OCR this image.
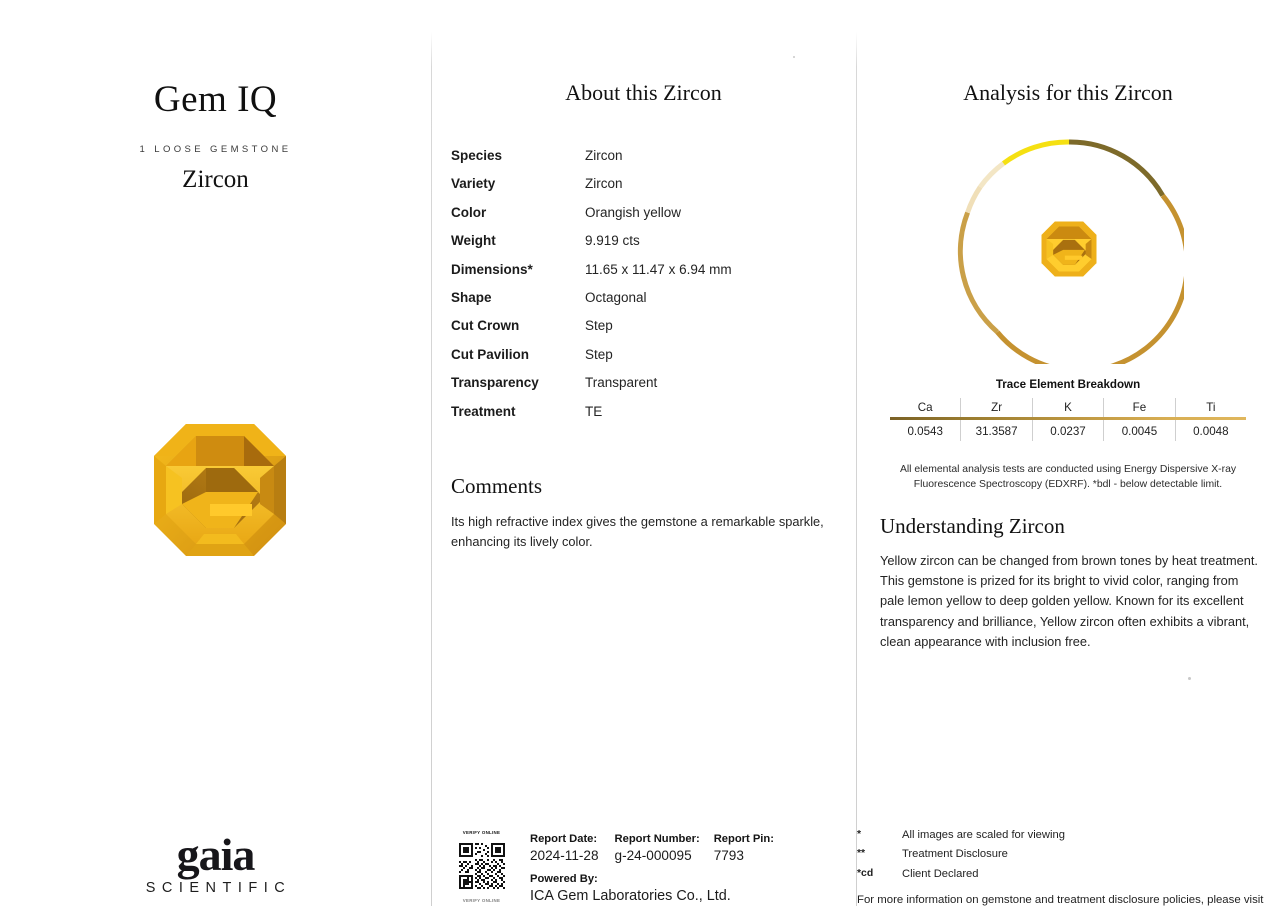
Gem IQ
1 LOOSE GEMSTONE
Zircon
gaia
SCIENTIFIC
About this Zircon
Species	Zircon
Variety	Zircon
Color	Orangish yellow
Weight	9.919 cts
Dimensions*	11.65 x 11.47 x 6.94 mm
Shape	Octagonal
Cut Crown	Step
Cut Pavilion	Step
Transparency	Transparent
Treatment	TE
Comments
Its high refractive index gives the gemstone a remarkable sparkle, enhancing its lively color.
VERIFY ONLINE
VERIFY ONLINE
Report Date:
2024-11-28
Report Number:
g-24-000095
Report Pin:
7793
Powered By:
ICA Gem Laboratories Co., Ltd.
Analysis for this Zircon
Trace Element Breakdown
Ca	Zr	K	Fe	Ti
0.0543	31.3587	0.0237	0.0045	0.0048
All elemental analysis tests are conducted using Energy Dispersive X-ray Fluorescence Spectroscopy (EDXRF). *bdl - below detectable limit.
Understanding Zircon
Yellow zircon can be changed from brown tones by heat treatment. This gemstone is prized for its bright to vivid color, ranging from pale lemon yellow to deep golden yellow. Known for its excellent transparency and brilliance, Yellow zircon often exhibits a vibrant, clean appearance with inclusion free.
*	All images are scaled for viewing
**	Treatment Disclosure
*cd	Client Declared
For more information on gemstone and treatment disclosure policies, please visit
